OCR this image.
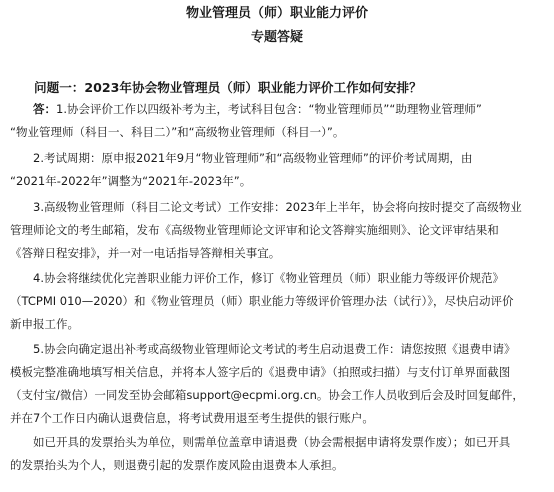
物业管理员（师）职业能力评价
专题答疑
问题一：2023年协会物业管理员（师）职业能力评价工作如何安排？
答：1.协会评价工作以四级补考为主，考试科目包含：“物业管理师员”“助理物业管理师”
“物业管理师（科目一、科目二）”和“高级物业管理师（科目一）”。
2.考试周期：原申报2021年9月“物业管理师”和“高级物业管理师”的评价考试周期，由
“2021年-2022年”调整为“2021年-2023年”。
3.高级物业管理师（科目二论文考试）工作安排：2023年上半年，协会将向按时提交了高级物业
管理师论文的考生邮箱，发布《高级物业管理师论文评审和论文答辩实施细则》、论文评审结果和
《答辩日程安排》，并一对一电话指导答辩相关事宜。
4.协会将继续优化完善职业能力评价工作，修订《物业管理员（师）职业能力等级评价规范》
（TCPMI 010—2020）和《物业管理员（师）职业能力等级评价管理办法（试行）》，尽快启动评价
新申报工作。
5.协会向确定退出补考或高级物业管理师论文考试的考生启动退费工作：请您按照《退费申请》
模板完整准确地填写相关信息，并将本人签字后的《退费申请》（拍照或扫描）与支付订单界面截图
（支付宝/微信）一同发至协会邮箱support@ecpmi.org.cn。协会工作人员收到后会及时回复邮件，
并在7个工作日内确认退费信息，将考试费用退至考生提供的银行账户。
如已开具的发票抬头为单位，则需单位盖章申请退费（协会需根据申请将发票作废）；如已开具
的发票抬头为个人，则退费引起的发票作废风险由退费本人承担。
